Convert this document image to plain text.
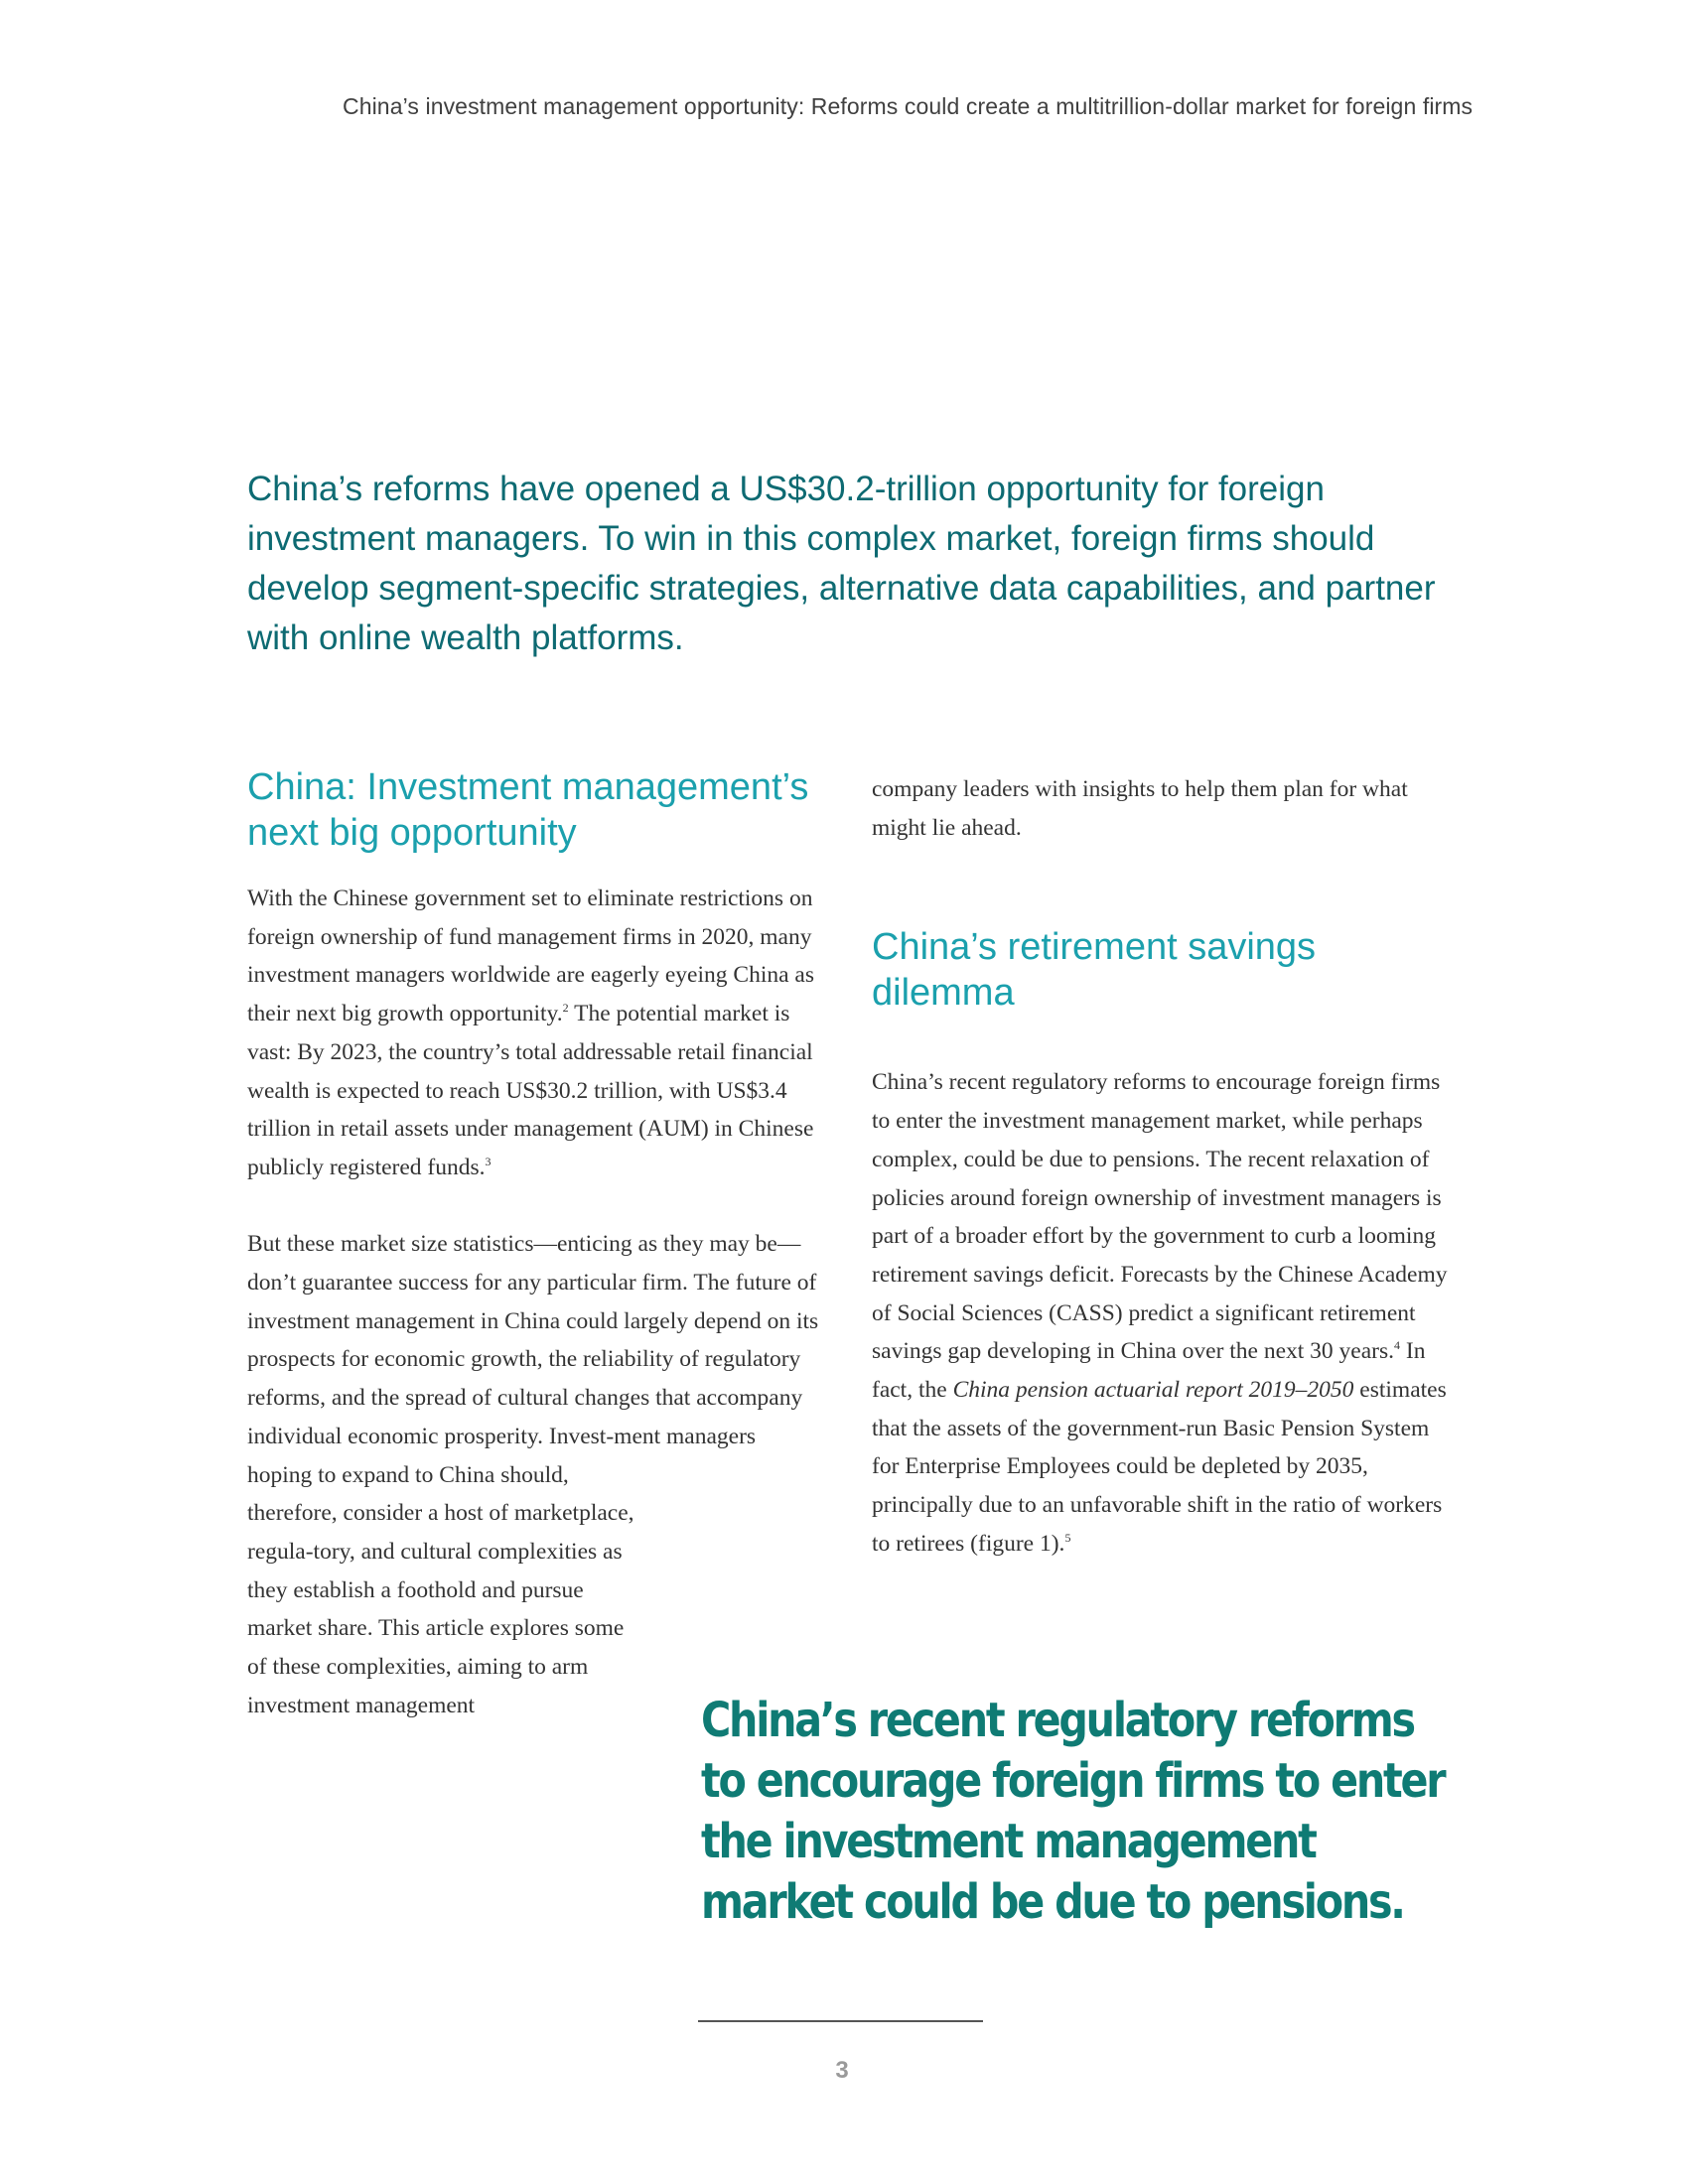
China’s investment management opportunity: Reforms could create a multitrillion-dollar market for foreign firms
China’s reforms have opened a US$30.2-trillion opportunity for foreign investment managers. To win in this complex market, foreign firms should develop segment-specific strategies, alternative data capabilities, and partner with online wealth platforms.
China: Investment management’s next big opportunity

With the Chinese government set to eliminate restrictions on foreign ownership of fund management firms in 2020, many investment managers worldwide are eagerly eyeing China as their next big growth opportunity.$^2$ The potential market is vast: By 2023, the country’s total addressable retail financial wealth is expected to reach US$30.2 trillion, with US$3.4 trillion in retail assets under management (AUM) in Chinese publicly registered funds.$^3$

But these market size statistics—enticing as they may be—don’t guarantee success for any particular firm. The future of investment management in China could largely depend on its prospects for economic growth, the reliability of regulatory reforms, and the spread of cultural changes that accompany individual economic prosperity. Invest-ment managers hoping to expand to China should,
therefore, consider a host of marketplace, regula-tory, and cultural complexities as they establish a foothold and pursue market share. This article explores some of these complexities, aiming to arm investment management

company leaders with insights to help them plan for what might lie ahead.

China’s retirement savings dilemma

China’s recent regulatory reforms to encourage foreign firms to enter the investment management market, while perhaps complex, could be due to pensions. The recent relaxation of policies around foreign ownership of investment managers is part of a broader effort by the government to curb a looming retirement savings deficit. Forecasts by the Chinese Academy of Social Sciences (CASS) predict a significant retirement savings gap developing in China over the next 30 years.$^4$ In fact, the China pension actuarial report 2019–2050 estimates that the assets of the government-run Basic Pension System for Enterprise Employees could be depleted by 2035, principally due to an unfavorable shift in the ratio of workers to retirees (figure 1).$^5$

China’s recent regulatory reforms to encourage foreign firms to enter the investment management market could be due to pensions.
3
